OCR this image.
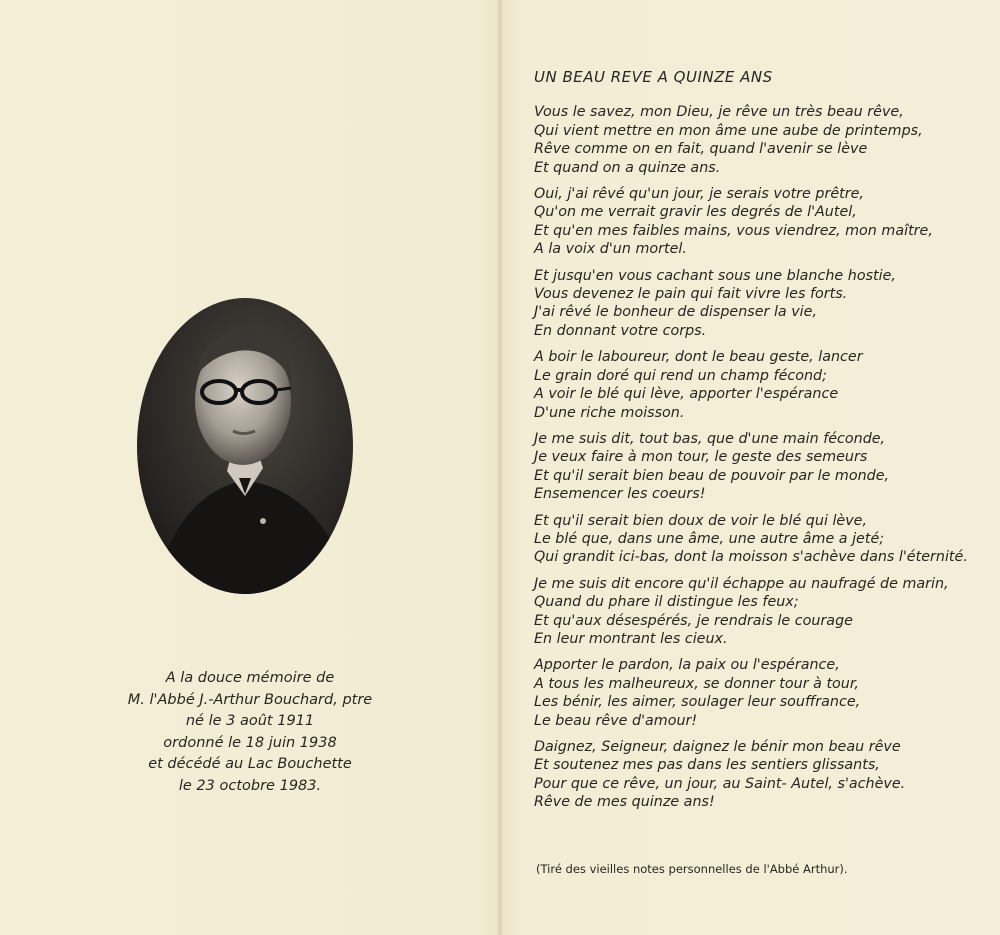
A la douce mémoire de
M. l'Abbé J.-Arthur Bouchard, ptre
né le 3 août 1911
ordonné le 18 juin 1938
et décédé au Lac Bouchette
le 23 octobre 1983.
UN BEAU REVE A QUINZE ANS
Vous le savez, mon Dieu, je rêve un très beau rêve,
Qui vient mettre en mon âme une aube de printemps,
Rêve comme on en fait, quand l'avenir se lève
Et quand on a quinze ans.
Oui, j'ai rêvé qu'un jour, je serais votre prêtre,
Qu'on me verrait gravir les degrés de l'Autel,
Et qu'en mes faibles mains, vous viendrez, mon maître,
A la voix d'un mortel.
Et jusqu'en vous cachant sous une blanche hostie,
Vous devenez le pain qui fait vivre les forts.
J'ai rêvé le bonheur de dispenser la vie,
En donnant votre corps.
A boir le laboureur, dont le beau geste, lancer
Le grain doré qui rend un champ fécond;
A voir le blé qui lève, apporter l'espérance
D'une riche moisson.
Je me suis dit, tout bas, que d'une main féconde,
Je veux faire à mon tour, le geste des semeurs
Et qu'il serait bien beau de pouvoir par le monde,
Ensemencer les coeurs!
Et qu'il serait bien doux de voir le blé qui lève,
Le blé que, dans une âme, une autre âme a jeté;
Qui grandit ici-bas, dont la moisson s'achève dans l'éternité.
Je me suis dit encore qu'il échappe au naufragé de marin,
Quand du phare il distingue les feux;
Et qu'aux désespérés, je rendrais le courage
En leur montrant les cieux.
Apporter le pardon, la paix ou l'espérance,
A tous les malheureux, se donner tour à tour,
Les bénir, les aimer, soulager leur souffrance,
Le beau rêve d'amour!
Daignez, Seigneur, daignez le bénir mon beau rêve
Et soutenez mes pas dans les sentiers glissants,
Pour que ce rêve, un jour, au Saint- Autel, s'achève.
Rêve de mes quinze ans!
(Tiré des vieilles notes personnelles de l'Abbé Arthur).
